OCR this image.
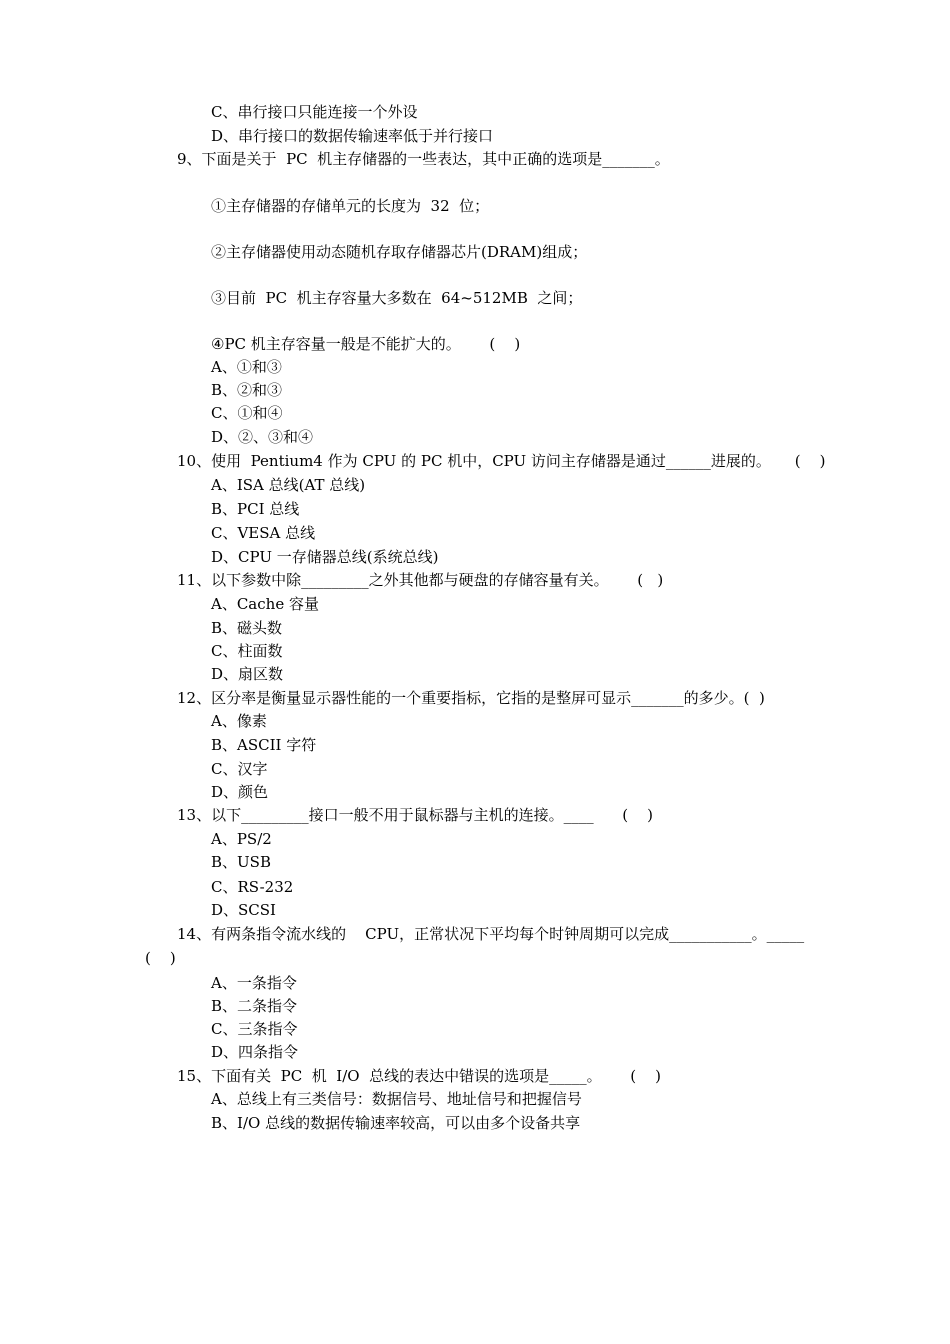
C、串行接口只能连接一个外设
D、串行接口的数据传输速率低于并行接口
9、下面是关于  PC  机主存储器的一些表达，其中正确的选项是_______。
①主存储器的存储单元的长度为  32  位；
②主存储器使用动态随机存取存储器芯片(DRAM)组成；
③目前  PC  机主存容量大多数在  64~512MB  之间；
④PC 机主存容量一般是不能扩大的。      (    )
A、①和③
B、②和③
C、①和④
D、②、③和④
10、使用  Pentium4 作为 CPU 的 PC 机中，CPU 访问主存储器是通过______进展的。     (    )
A、ISA 总线(AT 总线)
B、PCI 总线
C、VESA 总线
D、CPU 一存储器总线(系统总线)
11、以下参数中除_________之外其他都与硬盘的存储容量有关。      (   )
A、Cache 容量
B、磁头数
C、柱面数
D、扇区数
12、区分率是衡量显示器性能的一个重要指标，它指的是整屏可显示_______的多少。(  )
A、像素
B、ASCII 字符
C、汉字
D、颜色
13、以下_________接口一般不用于鼠标器与主机的连接。____      (    )
A、PS/2
B、USB
C、RS-232
D、SCSI
14、有两条指令流水线的    CPU，正常状况下平均每个时钟周期可以完成___________。_____
(    )
A、一条指令
B、二条指令
C、三条指令
D、四条指令
15、下面有关  PC  机  I/O  总线的表达中错误的选项是_____。      (    )
A、总线上有三类信号：数据信号、地址信号和把握信号
B、I/O 总线的数据传输速率较高，可以由多个设备共享
